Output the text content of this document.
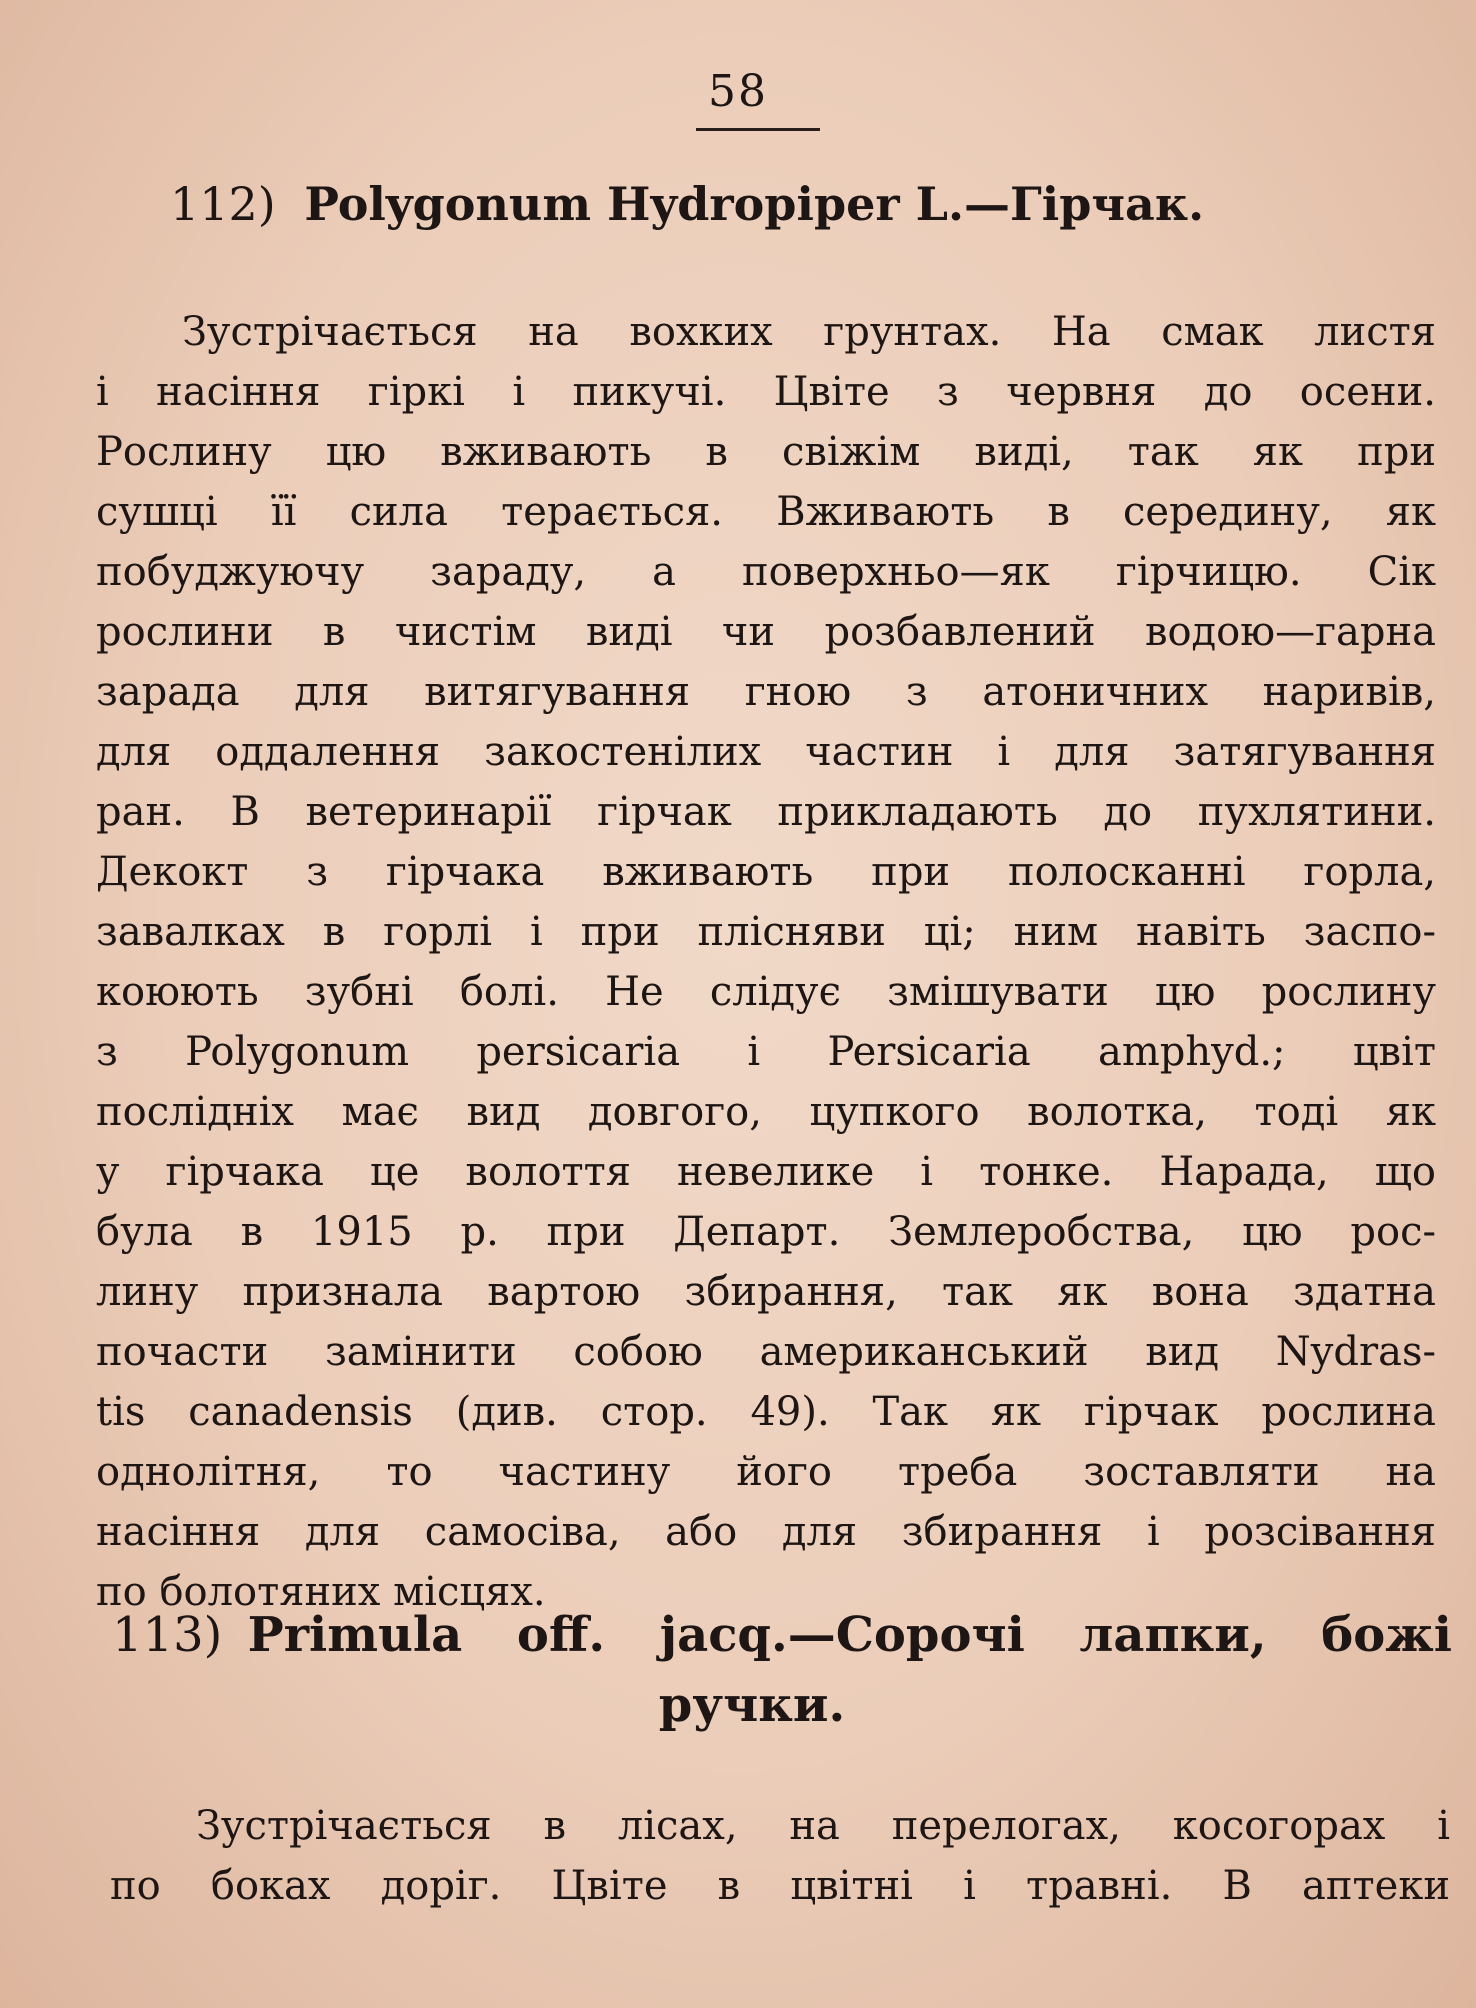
58
112) Polygonum Hydropiper L.—Гірчак.
Зустрічається на вохких грунтах. На смак листя
і насіння гіркі і пикучі. Цвіте з червня до осени.
Рослину цю вживають в свіжім виді, так як при
сушці її сила терається. Вживають в середину, як
побуджуючу зараду, а поверхньо—як гірчицю. Сік
рослини в чистім виді чи розбавлений водою—гарна
зарада для витягування гною з атоничних наривів,
для оддалення закостенілих частин і для затягування
ран. В ветеринарії гірчак прикладають до пухлятини.
Декокт з гірчака вживають при полосканні горла,
завалках в горлі і при плісняви ці; ним навіть заспо-
коюють зубні болі. Не слідує змішувати цю рослину
з Polygonum persicaria і Persicaria amphyd.; цвіт
послідніх має вид довгого, цупкого волотка, тоді як
у гірчака це волоття невелике і тонке. Нарада, що
була в 1915 р. при Департ. Землеробства, цю рос-
лину признала вартою збирання, так як вона здатна
почасти замінити собою американський вид Nydras-
tis canadensis (див. стор. 49). Так як гірчак рослина
однолітня, то частину його треба зоставляти на
насіння для самосіва, або для збирання і розсівання
по болотяних місцях.
113) Primula off. jacq.—Сорочі лапки, божі
ручки.
Зустрічається в лісах, на перелогах, косогорах і
по боках доріг. Цвіте в цвітні і травні. В аптеки
